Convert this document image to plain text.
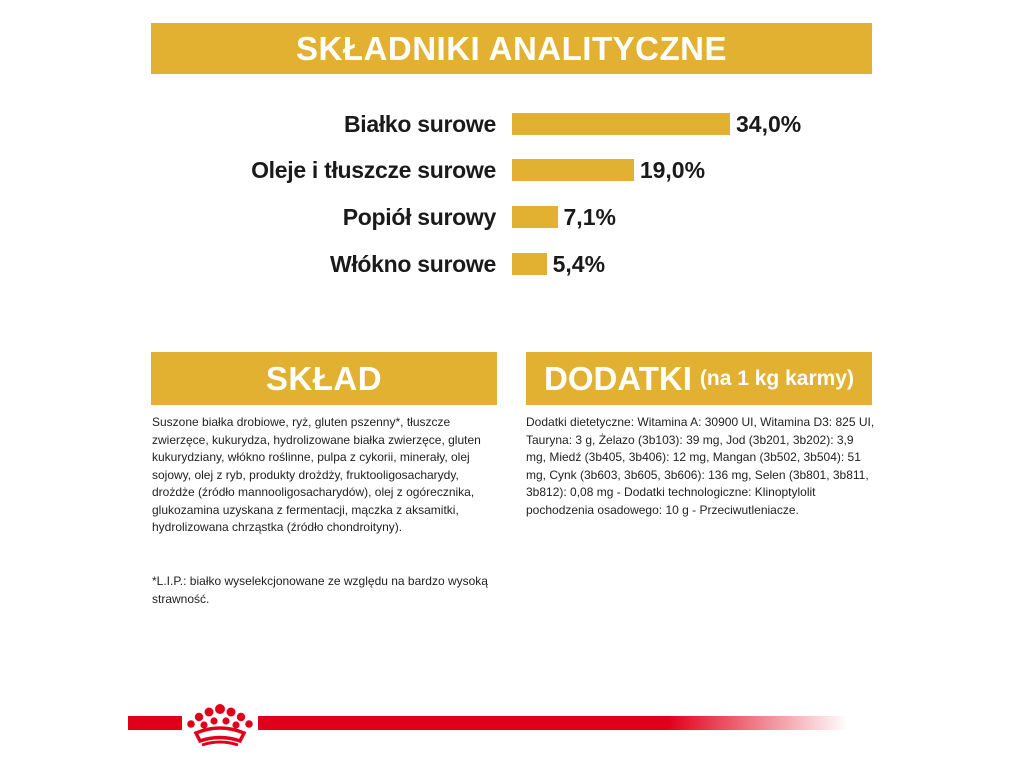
SKŁADNIKI ANALITYCZNE
Białko surowe	34,0%
Oleje i tłuszcze surowe	19,0%
Popiół surowy	7,1%
Włókno surowe 5,4%
SKŁAD	DODATKI (na 1 kg karmy)
Suszone białka drobiowe, ryż, gluten pszenny*, tłuszcze zwierzęce, kukurydza, hydrolizowane białka zwierzęce, gluten kukurydziany, włókno roślinne, pulpa z cykorii, minerały, olej sojowy, olej z ryb, produkty drożdży, fruktooligosacharydy, drożdże (źródło mannooligosacharydów), olej z ogórecznika, glukozamina uzyskana z fermentacji, mączka z aksamitki, hydrolizowana chrząstka (źródło chondroityny).
*L.I.P.: białko wyselekcjonowane ze względu na bardzo wysoką strawność.
Dodatki dietetyczne: Witamina A: 30900 UI, Witamina D3: 825 UI, Tauryna: 3 g, Żelazo (3b103): 39 mg, Jod (3b201, 3b202): 3,9 mg, Miedź (3b405, 3b406): 12 mg, Mangan (3b502, 3b504): 51 mg, Cynk (3b603, 3b605, 3b606): 136 mg, Selen (3b801, 3b811, 3b812): 0,08 mg - Dodatki technologiczne: Klinoptylolit pochodzenia osadowego: 10 g - Przeciwutleniacze.
